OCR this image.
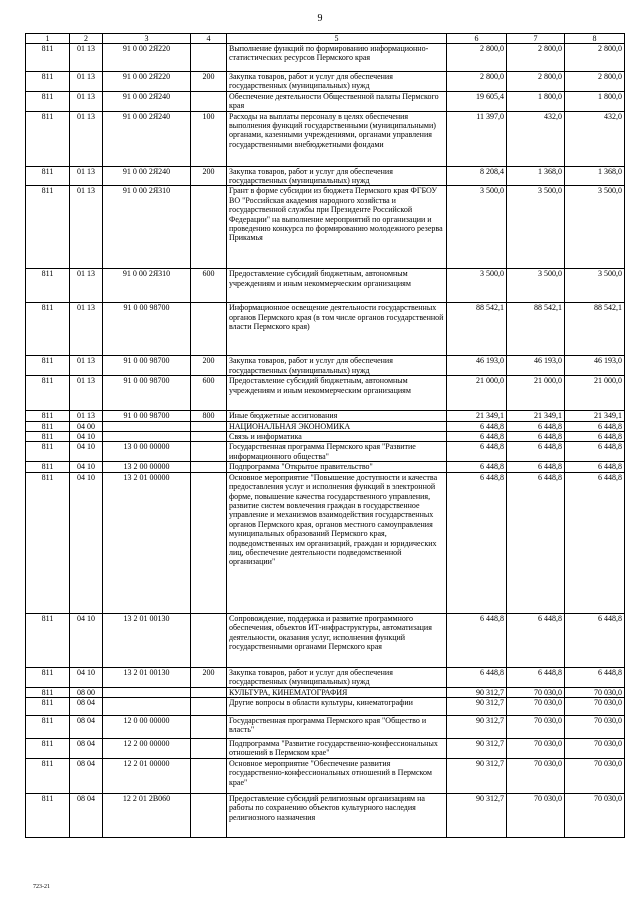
9
1	2	3	4	5	6	7	8
811	01 13	91 0 00 2Я220		Выполнение функций по формированию информационно-статистических ресурсов Пермского края	2 800,0	2 800,0	2 800,0
811	01 13	91 0 00 2Я220	200	Закупка товаров, работ и услуг для обеспечения государственных (муниципальных) нужд	2 800,0	2 800,0	2 800,0
811	01 13	91 0 00 2Я240		Обеспечение деятельности Общественной палаты Пермского края	19 605,4	1 800,0	1 800,0
811	01 13	91 0 00 2Я240	100	Расходы на выплаты персоналу в целях обеспечения выполнения функций государственными (муниципальными) органами, казенными учреждениями, органами управления государственными внебюджетными фондами	11 397,0	432,0	432,0
811	01 13	91 0 00 2Я240	200	Закупка товаров, работ и услуг для обеспечения государственных (муниципальных) нужд	8 208,4	1 368,0	1 368,0
811	01 13	91 0 00 2Я310		Грант в форме субсидии из бюджета Пермского края ФГБОУ ВО "Российская академия народного хозяйства и государственной службы при Президенте Российской Федерации" на выполнение мероприятий по организации и проведению конкурса по формированию молодежного резерва Прикамья	3 500,0	3 500,0	3 500,0
811	01 13	91 0 00 2Я310	600	Предоставление субсидий бюджетным, автономным учреждениям и иным некоммерческим организациям	3 500,0	3 500,0	3 500,0
811	01 13	91 0 00 98700		Информационное освещение деятельности государственных органов Пермского края (в том числе органов государственной власти Пермского края)	88 542,1	88 542,1	88 542,1
811	01 13	91 0 00 98700	200	Закупка товаров, работ и услуг для обеспечения государственных (муниципальных) нужд	46 193,0	46 193,0	46 193,0
811	01 13	91 0 00 98700	600	Предоставление субсидий бюджетным, автономным учреждениям и иным некоммерческим организациям	21 000,0	21 000,0	21 000,0
811	01 13	91 0 00 98700	800	Иные бюджетные ассигнования	21 349,1	21 349,1	21 349,1
811	04 00			НАЦИОНАЛЬНАЯ ЭКОНОМИКА	6 448,8	6 448,8	6 448,8
811	04 10			Связь и информатика	6 448,8	6 448,8	6 448,8
811	04 10	13 0 00 00000		Государственная программа Пермского края "Развитие информационного общества"	6 448,8	6 448,8	6 448,8
811	04 10	13 2 00 00000		Подпрограмма "Открытое правительство"	6 448,8	6 448,8	6 448,8
811	04 10	13 2 01 00000		Основное мероприятие "Повышение доступности и качества предоставления услуг и исполнения функций в электронной форме, повышение качества государственного управления, развитие систем вовлечения граждан в государственное управление и механизмов взаимодействия государственных органов Пермского края, органов местного самоуправления муниципальных образований Пермского края, подведомственных им организаций, граждан и юридических лиц, обеспечение деятельности подведомственной организации"	6 448,8	6 448,8	6 448,8
811	04 10	13 2 01 00130		Сопровождение, поддержка и развитие программного обеспечения, объектов ИТ-инфраструктуры, автоматизация деятельности, оказания услуг, исполнения функций государственными органами Пермского края	6 448,8	6 448,8	6 448,8
811	04 10	13 2 01 00130	200	Закупка товаров, работ и услуг для обеспечения государственных (муниципальных) нужд	6 448,8	6 448,8	6 448,8
811	08 00			КУЛЬТУРА, КИНЕМАТОГРАФИЯ	90 312,7	70 030,0	70 030,0
811	08 04			Другие вопросы в области культуры, кинематографии	90 312,7	70 030,0	70 030,0
811	08 04	12 0 00 00000		Государственная программа Пермского края "Общество и власть"	90 312,7	70 030,0	70 030,0
811	08 04	12 2 00 00000		Подпрограмма "Развитие государственно-конфессиональных отношений в Пермском крае"	90 312,7	70 030,0	70 030,0
811	08 04	12 2 01 00000		Основное мероприятие "Обеспечение развития государственно-конфессиональных отношений в Пермском крае"	90 312,7	70 030,0	70 030,0
811	08 04	12 2 01 2В060		Предоставление субсидий религиозным организациям на работы по сохранению объектов культурного наследия религиозного назначения	90 312,7	70 030,0	70 030,0
723-21
